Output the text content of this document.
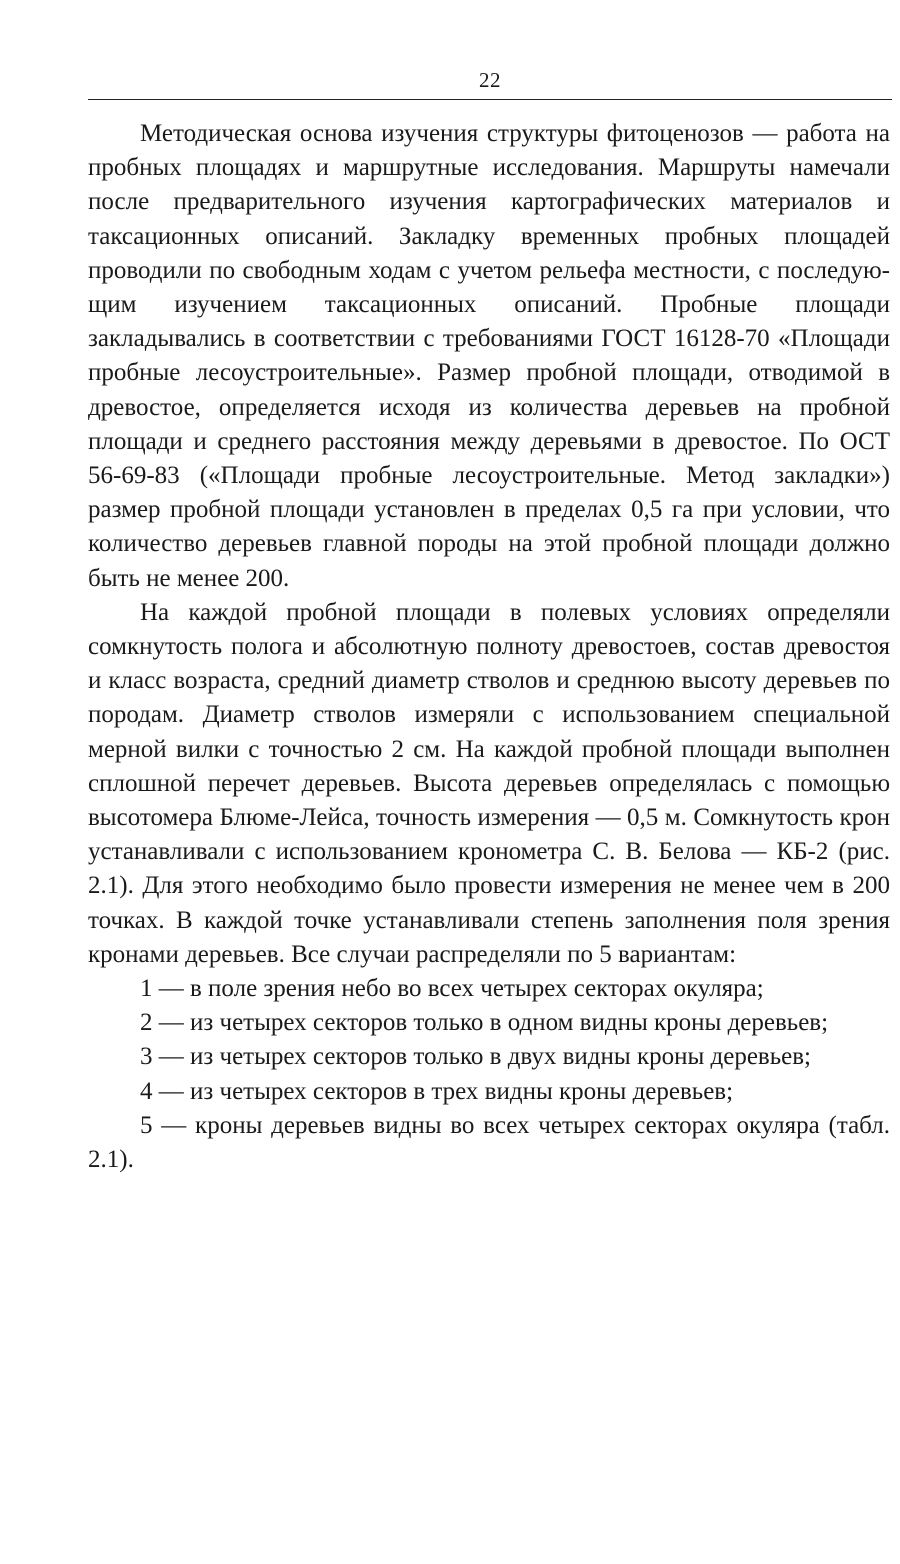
22

Методическая основа изучения структуры фитоценозов — работа на пробных площадях и маршрутные исследования. Маршруты намечали после предварительного изучения картографических материалов и таксационных описаний. Закладку временных пробных площадей проводили по свободным ходам с учетом рельефа местности, с последующим изучением таксационных описаний. Пробные площади закладывались в соответствии с требованиями ГОСТ 16128-70 «Площади пробные лесоустроительные». Размер пробной площади, отводимой в древостое, определяется исходя из количества деревьев на пробной площади и среднего расстояния между деревьями в древостое. По ОСТ 56-69-83 («Площади пробные лесоустроительные. Метод закладки») размер пробной площади установлен в пределах 0,5 га при условии, что количество деревьев главной породы на этой пробной площади должно быть не менее 200.

На каждой пробной площади в полевых условиях определяли сомкнутость полога и абсолютную полноту древостоев, состав древостоя и класс возраста, средний диаметр стволов и среднюю высоту деревьев по породам. Диаметр стволов измеряли с использованием специальной мерной вилки с точностью 2 см. На каждой пробной площади выполнен сплошной перечет деревьев. Высота деревьев определялась с помощью высотомера Блюме-Лейса, точность измерения — 0,5 м. Сомкнутость крон устанавливали с использованием кронометра С. В. Белова — КБ-2 (рис. 2.1). Для этого необходимо было провести измерения не менее чем в 200 точках. В каждой точке устанавливали степень заполнения поля зрения кронами деревьев. Все случаи распределяли по 5 вариантам:

1 — в поле зрения небо во всех четырех секторах окуляра;

2 — из четырех секторов только в одном видны кроны деревьев;

3 — из четырех секторов только в двух видны кроны деревьев;

4 — из четырех секторов в трех видны кроны деревьев;

5 — кроны деревьев видны во всех четырех секторах окуляра (табл. 2.1).
